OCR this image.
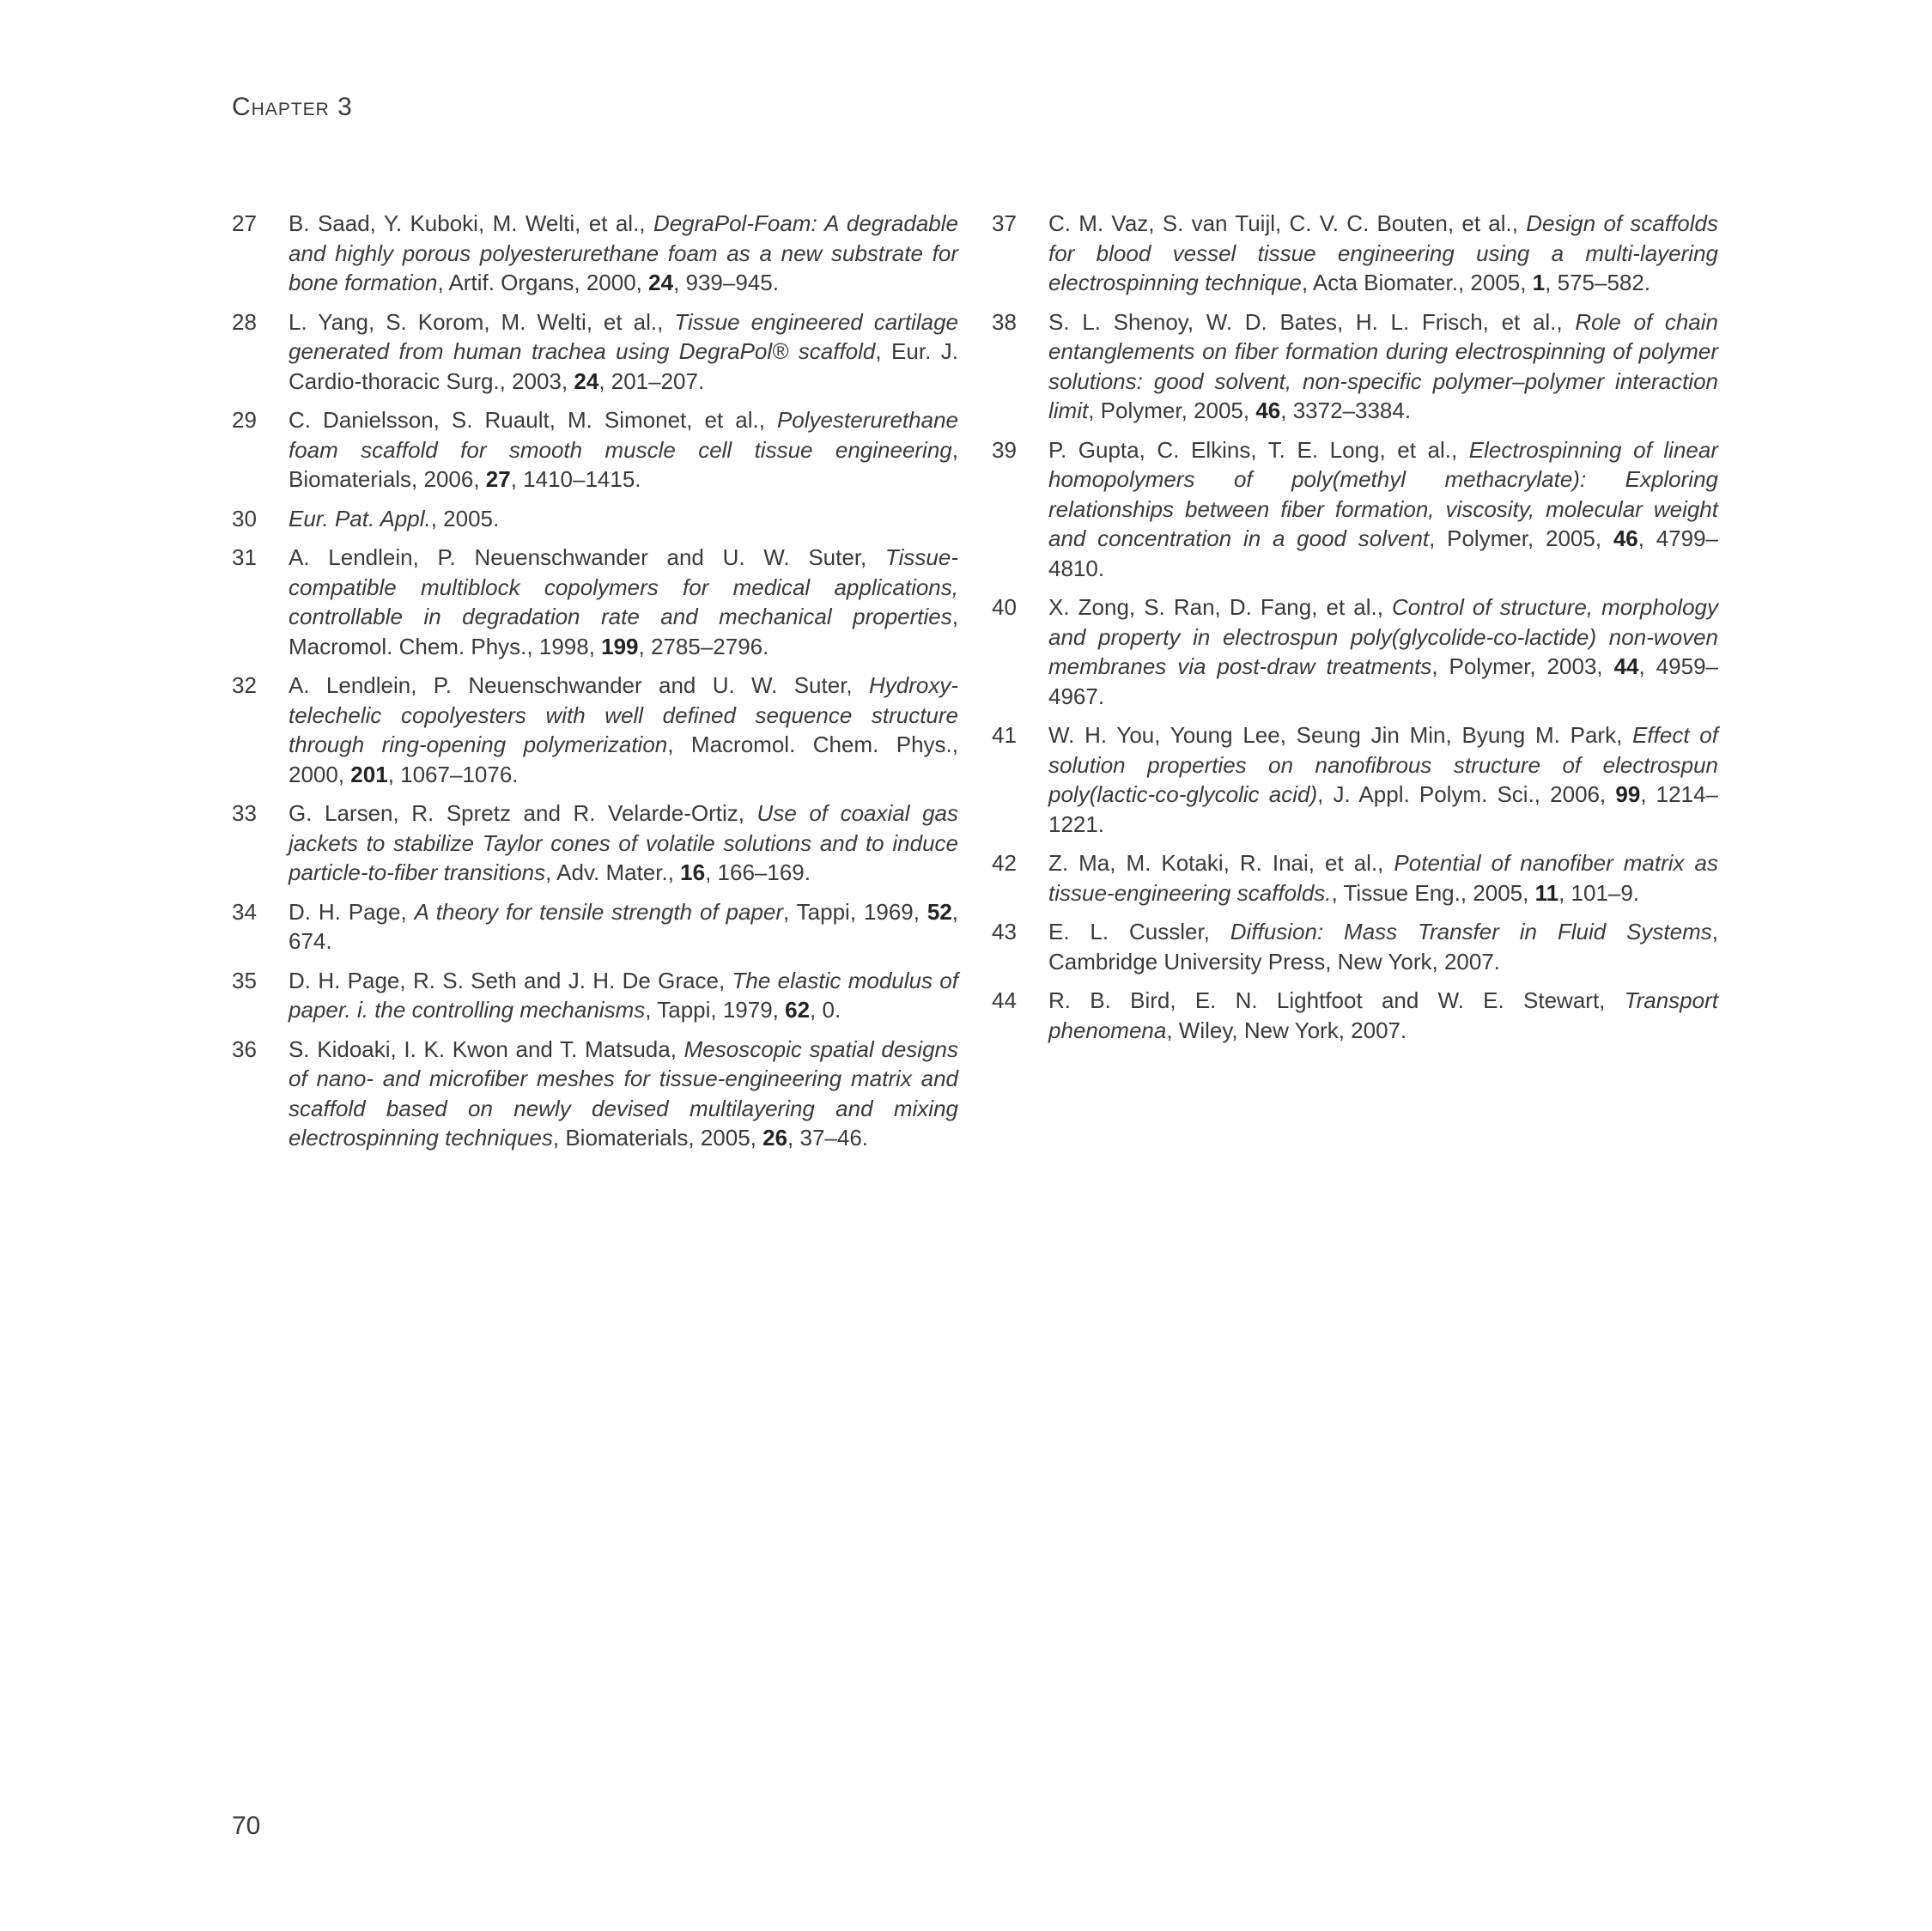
Chapter 3
27	B. Saad, Y. Kuboki, M. Welti, et al., DegraPol-Foam: A degradable and highly porous polyesterurethane foam as a new substrate for bone formation, Artif. Organs, 2000, 24, 939–945.
28	L. Yang, S. Korom, M. Welti, et al., Tissue engineered cartilage generated from human trachea using DegraPol® scaffold, Eur. J. Cardio-thoracic Surg., 2003, 24, 201–207.
29	C. Danielsson, S. Ruault, M. Simonet, et al., Polyesterurethane foam scaffold for smooth muscle cell tissue engineering, Biomaterials, 2006, 27, 1410–1415.
30	Eur. Pat. Appl., 2005.
31	A. Lendlein, P. Neuenschwander and U. W. Suter, Tissue-compatible multiblock copolymers for medical applications, controllable in degradation rate and mechanical properties, Macromol. Chem. Phys., 1998, 199, 2785–2796.
32	A. Lendlein, P. Neuenschwander and U. W. Suter, Hydroxy-telechelic copolyesters with well defined sequence structure through ring-opening polymerization, Macromol. Chem. Phys., 2000, 201, 1067–1076.
33	G. Larsen, R. Spretz and R. Velarde-Ortiz, Use of coaxial gas jackets to stabilize Taylor cones of volatile solutions and to induce particle-to-fiber transitions, Adv. Mater., 16, 166–169.
34	D. H. Page, A theory for tensile strength of paper, Tappi, 1969, 52, 674.
35	D. H. Page, R. S. Seth and J. H. De Grace, The elastic modulus of paper. i. the controlling mechanisms, Tappi, 1979, 62, 0.
36	S. Kidoaki, I. K. Kwon and T. Matsuda, Mesoscopic spatial designs of nano- and microfiber meshes for tissue-engineering matrix and scaffold based on newly devised multilayering and mixing electrospinning techniques, Biomaterials, 2005, 26, 37–46.
37	C. M. Vaz, S. van Tuijl, C. V. C. Bouten, et al., Design of scaffolds for blood vessel tissue engineering using a multi-layering electrospinning technique, Acta Biomater., 2005, 1, 575–582.
38	S. L. Shenoy, W. D. Bates, H. L. Frisch, et al., Role of chain entanglements on fiber formation during electrospinning of polymer solutions: good solvent, non-specific polymer–polymer interaction limit, Polymer, 2005, 46, 3372–3384.
39	P. Gupta, C. Elkins, T. E. Long, et al., Electrospinning of linear homopolymers of poly(methyl methacrylate): Exploring relationships between fiber formation, viscosity, molecular weight and concentration in a good solvent, Polymer, 2005, 46, 4799–4810.
40	X. Zong, S. Ran, D. Fang, et al., Control of structure, morphology and property in electrospun poly(glycolide-co-lactide) non-woven membranes via post-draw treatments, Polymer, 2003, 44, 4959–4967.
41	W. H. You, Young Lee, Seung Jin Min, Byung M. Park, Effect of solution properties on nanofibrous structure of electrospun poly(lactic-co-glycolic acid), J. Appl. Polym. Sci., 2006, 99, 1214–1221.
42	Z. Ma, M. Kotaki, R. Inai, et al., Potential of nanofiber matrix as tissue-engineering scaffolds., Tissue Eng., 2005, 11, 101–9.
43	E. L. Cussler, Diffusion: Mass Transfer in Fluid Systems, Cambridge University Press, New York, 2007.
44	R. B. Bird, E. N. Lightfoot and W. E. Stewart, Transport phenomena, Wiley, New York, 2007.
70
